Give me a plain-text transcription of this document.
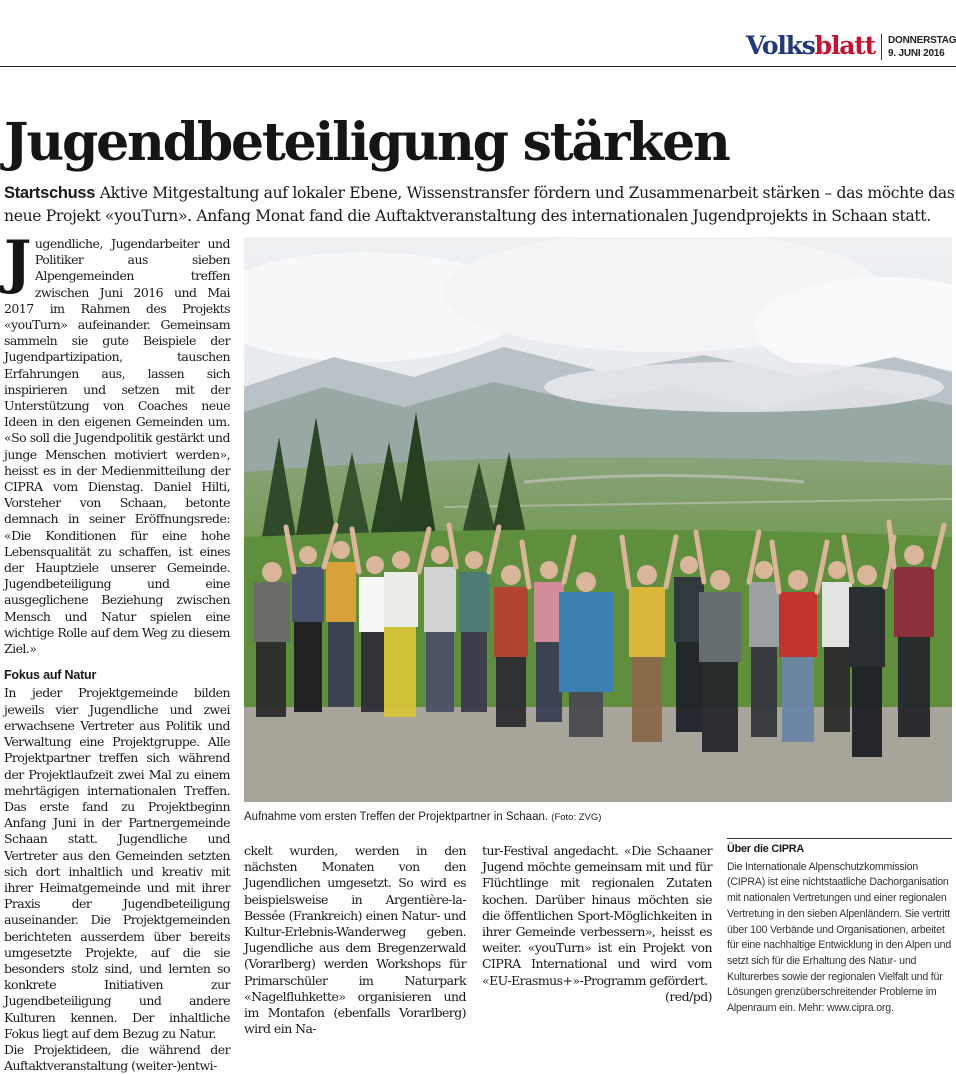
Volksblatt DONNERSTAG
9. JUNI 2016
Jugendbeteiligung stärken

Startschuss Aktive Mitgestaltung auf lokaler Ebene, Wissenstransfer fördern und Zusammenarbeit stärken – das möchte das neue Projekt «youTurn». Anfang Monat fand die Auftaktveranstaltung des internationalen Jugendprojekts in Schaan statt.

Jugendliche, Jugendarbeiter und Politiker aus sieben Alpengemeinden treffen zwischen Juni 2016 und Mai 2017 im Rahmen des Projekts «youTurn» aufeinander. Gemeinsam sammeln sie gute Beispiele der Jugendpartizipation, tauschen Erfahrungen aus, lassen sich inspirieren und setzen mit der Unterstützung von Coaches neue Ideen in den eigenen Gemeinden um. «So soll die Jugendpolitik gestärkt und junge Menschen motiviert werden», heisst es in der Medienmitteilung der CIPRA vom Dienstag. Daniel Hilti, Vorsteher von Schaan, betonte demnach in seiner Eröffnungsrede: «Die Konditionen für eine hohe Lebensqualität zu schaffen, ist eines der Hauptziele unserer Gemeinde. Jugendbeteiligung und eine ausgeglichene Beziehung zwischen Mensch und Natur spielen eine wichtige Rolle auf dem Weg zu diesem Ziel.»

Fokus auf Natur

In jeder Projektgemeinde bilden jeweils vier Jugendliche und zwei erwachsene Vertreter aus Politik und Verwaltung eine Projektgruppe. Alle Projektpartner treffen sich während der Projektlaufzeit zwei Mal zu einem mehrtägigen internationalen Treffen. Das erste fand zu Projektbeginn Anfang Juni in der Partnergemeinde Schaan statt. Jugendliche und Vertreter aus den Gemeinden setzten sich dort inhaltlich und kreativ mit ihrer Heimatgemeinde und mit ihrer Praxis der Jugendbeteiligung auseinander. Die Projektgemeinden berichteten ausserdem über bereits umgesetzte Projekte, auf die sie besonders stolz sind, und lernten so konkrete Initiativen zur Jugendbeteiligung und andere Kulturen kennen. Der inhaltliche Fokus liegt auf dem Bezug zu Natur.

Die Projektideen, die während der Auftaktveranstaltung (weiter-)entwi-

Aufnahme vom ersten Treffen der Projektpartner in Schaan. (Foto: ZVG)

ckelt wurden, werden in den nächsten Monaten von den Jugendlichen umgesetzt. So wird es beispielsweise in Argentière-la-Bessée (Frankreich) einen Natur- und Kultur-Erlebnis-Wanderweg geben. Jugendliche aus dem Bregenzerwald (Vorarlberg) werden Workshops für Primarschüler im Naturpark «Nagelfluhkette» organisieren und im Montafon (ebenfalls Vorarlberg) wird ein Na-

tur-Festival angedacht. «Die Schaaner Jugend möchte gemeinsam mit und für Flüchtlinge mit regionalen Zutaten kochen. Darüber hinaus möchten sie die öffentlichen Sport-Möglichkeiten in ihrer Gemeinde verbessern», heisst es weiter. «youTurn» ist ein Projekt von CIPRA International und wird vom «EU-Erasmus+»-Programm gefördert.

(red/pd)

Über die CIPRA

Die Internationale Alpenschutzkommission (CIPRA) ist eine nichtstaatliche Dachorganisation mit nationalen Vertretungen und einer regionalen Vertretung in den sieben Alpenländern. Sie vertritt über 100 Verbände und Organisationen, arbeitet für eine nachhaltige Entwicklung in den Alpen und setzt sich für die Erhaltung des Natur- und Kulturerbes sowie der regionalen Vielfalt und für Lösungen grenzüberschreitender Probleme im Alpenraum ein. Mehr: www.cipra.org.
